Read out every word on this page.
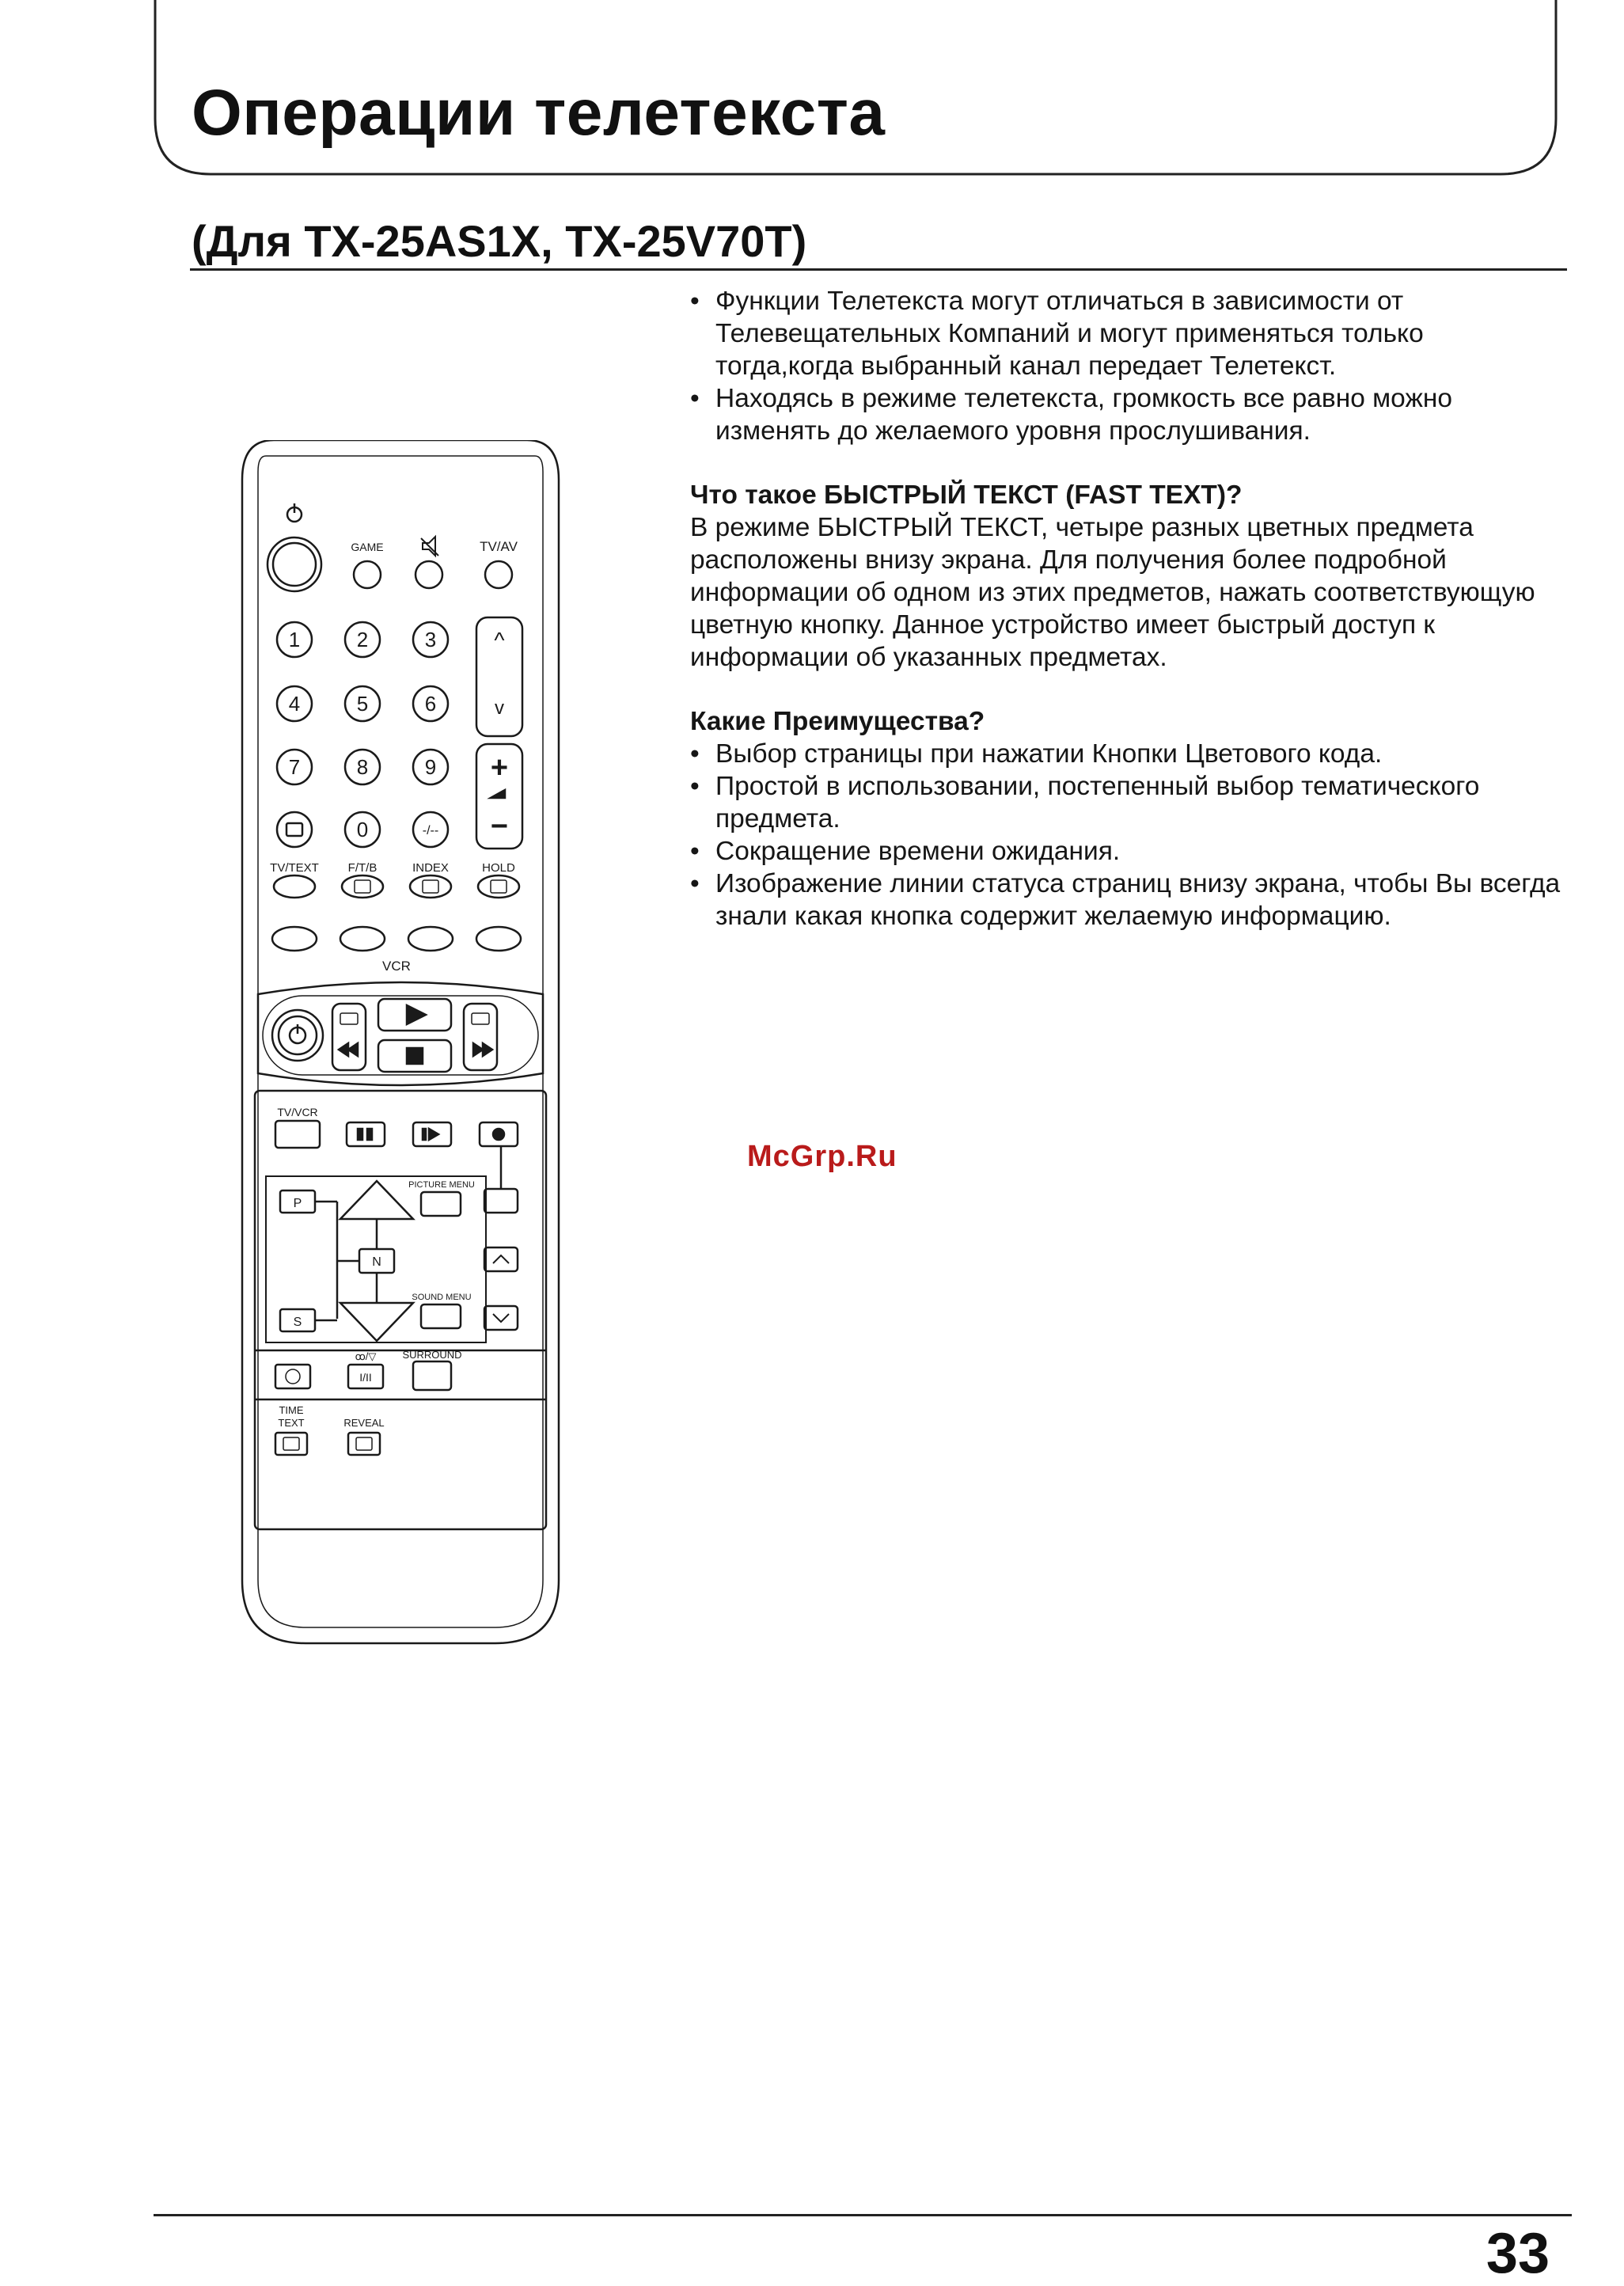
Операции телетекста
(Для TX-25AS1X, TX-25V70T)
• Функции Телетекста могут отличаться в зависимости от Телевещательных Компаний и могут применяться только тогда,когда выбранный канал передает Телетекст.
• Находясь в режиме телетекста, громкость все равно можно изменять до желаемого уровня прослушивания.

Что такое БЫСТРЫЙ ТЕКСТ (FAST TEXT)?

В режиме БЫСТРЫЙ ТЕКСТ, четыре разных цветных предмета расположены внизу экрана. Для получения более подробной информации об одном из этих предметов, нажать соответствующую цветную кнопку. Данное устройство имеет быстрый доступ к информации об указанных предметах.

Какие Преимущества?

• Выбор страницы при нажатии Кнопки Цветового кода.
• Простой в использовании, постепенный выбор тематического предмета.
• Сокращение времени ожидания.
• Изображение линии статуса страниц внизу экрана, чтобы Вы всегда знали какая кнопка содержит желаемую информацию.
McGrp.Ru
GAME	TV/AV
1	2	3
4	5	6
7	8	9
0	-/--
^
v
+
−
TV/TEXT F/T/B	INDEX	HOLD
VCR
TV/VCR
PICTURE MENU
SOUND MENU
P
N
S
ꝏ/▽	SURROUND
I/II
TIME
TEXT	REVEAL
33
